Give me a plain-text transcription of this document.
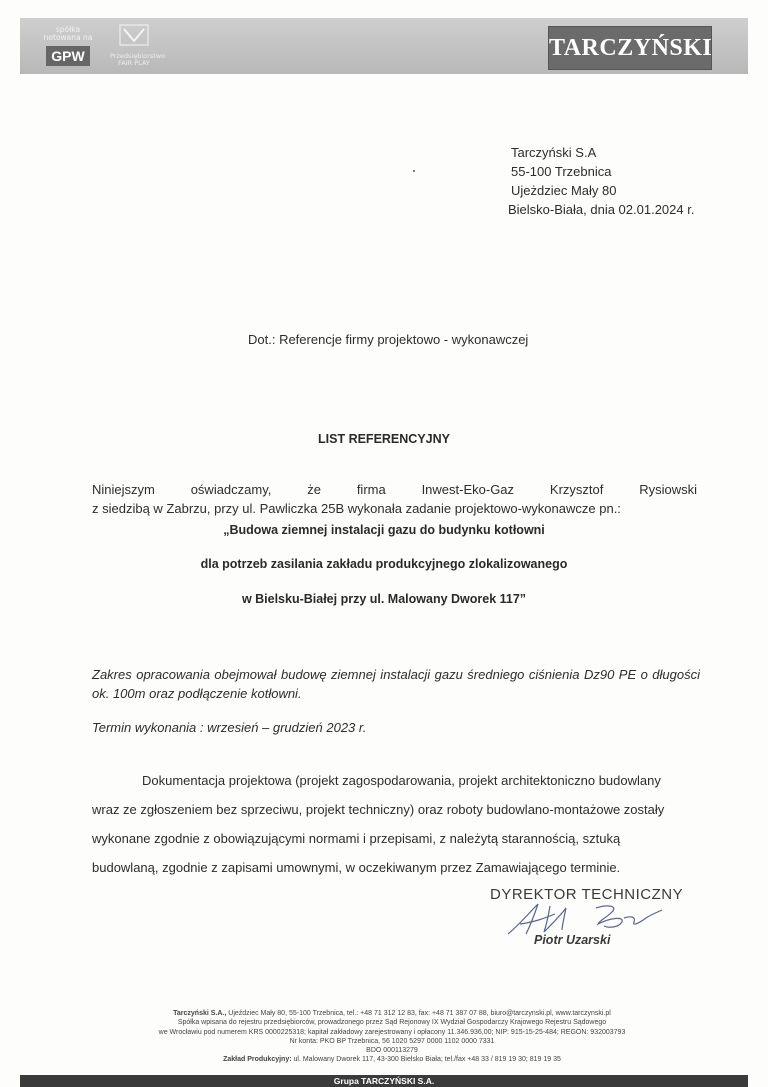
spółka
notowana na
GPW	Przedsiębiorstwo
FAIR PLAY
TARCZYŃSKI
Tarczyński S.A
55-100 Trzebnica
Ujeżdziec Mały 80
Bielsko-Biała, dnia 02.01.2024 r.
Dot.: Referencje firmy projektowo - wykonawczej
LIST REFERENCYJNY
Niniejszym oświadczamy, że firma Inwest-Eko-Gaz Krzysztof Rysiowski
z siedzibą w Zabrzu, przy ul. Pawliczka 25B wykonała zadanie projektowo-wykonawcze pn.:
„Budowa ziemnej instalacji gazu do budynku kotłowni
dla potrzeb zasilania zakładu produkcyjnego zlokalizowanego
w Bielsku-Białej przy ul. Malowany Dworek 117”
Zakres opracowania obejmował budowę ziemnej instalacji gazu średniego ciśnienia Dz90 PE o długości ok. 100m oraz podłączenie kotłowni.
Termin wykonania : wrzesień – grudzień 2023 r.
Dokumentacja projektowa (projekt zagospodarowania, projekt architektoniczno budowlany
wraz ze zgłoszeniem bez sprzeciwu, projekt techniczny) oraz roboty budowlano-montażowe zostały
wykonane zgodnie z obowiązującymi normami i przepisami, z należytą starannością, sztuką
budowlaną, zgodnie z zapisami umownymi, w oczekiwanym przez Zamawiającego terminie.
DYREKTOR TECHNICZNY
Piotr Uzarski
Tarczyński S.A., Ujeździec Mały 80, 55-100 Trzebnica, tel.: +48 71 312 12 83, fax: +48 71 387 07 88, biuro@tarczynski.pl, www.tarczynski.pl
Spółka wpisana do rejestru przedsiębiorców, prowadzonego przez Sąd Rejonowy IX Wydział Gospodarczy Krajowego Rejestru Sądowego
we Wrocławiu pod numerem KRS 0000225318; kapitał zakładowy zarejestrowany i opłacony 11.346.936,00; NIP: 915-15-25-484; REGON: 932003793
Nr konta: PKO BP Trzebnica, 56 1020 5297 0000 1102 0000 7331
BDO 000113279
Zakład Produkcyjny: ul. Malowany Dworek 117, 43-300 Bielsko Biała; tel./fax +48 33 / 819 19 30; 819 19 35
Grupa TARCZYŃSKI S.A.
